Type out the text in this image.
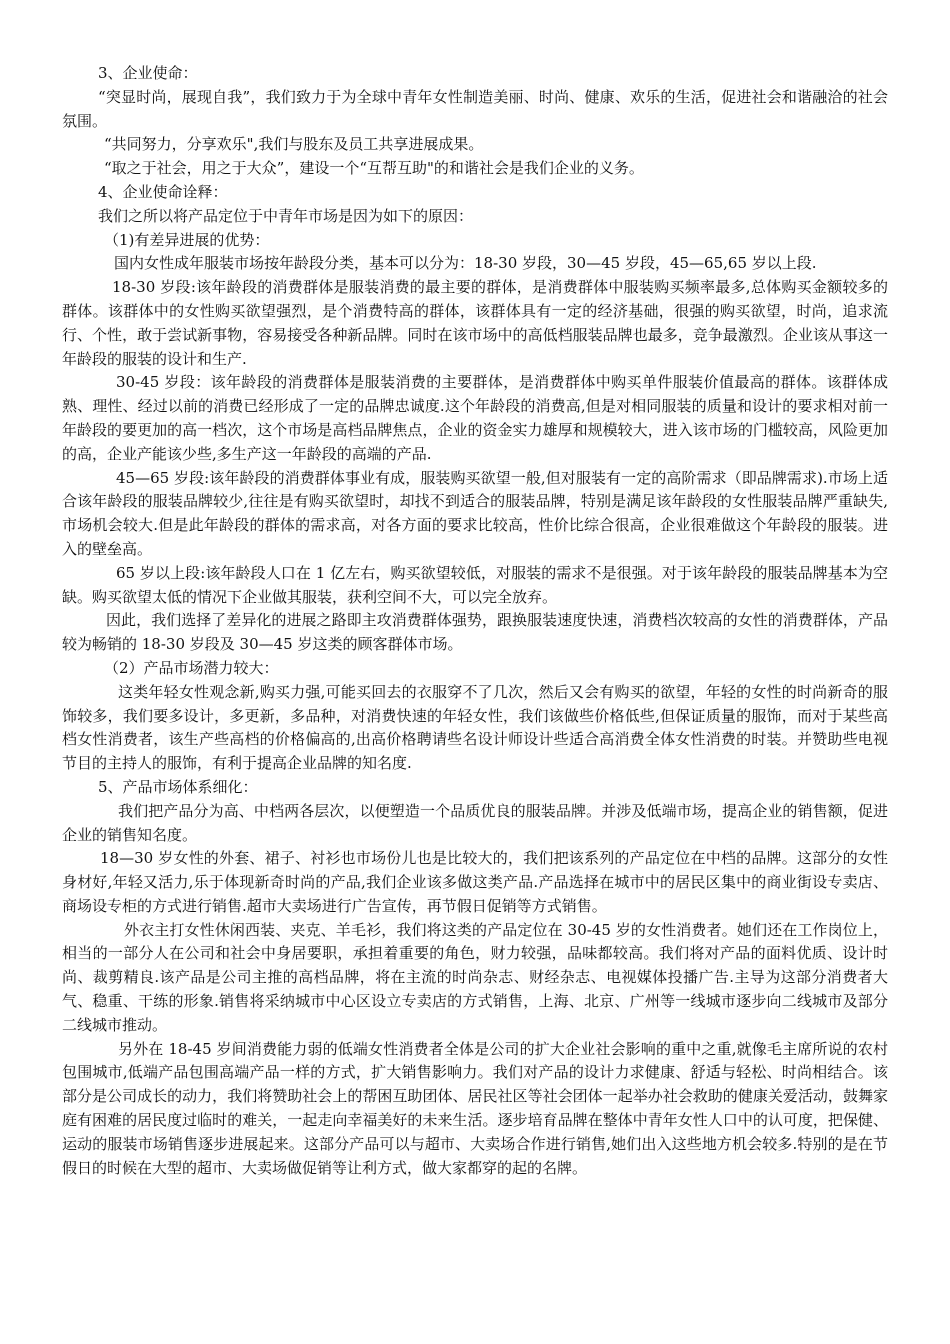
3、企业使命：

“突显时尚，展现自我”，我们致力于为全球中青年女性制造美丽、时尚、健康、欢乐的生活，促进社会和谐融洽的社会氛围。

“共同努力，分享欢乐",我们与股东及员工共享进展成果。

“取之于社会，用之于大众”，建设一个“互帮互助"的和谐社会是我们企业的义务。

4、企业使命诠释：

我们之所以将产品定位于中青年市场是因为如下的原因：

（1)有差异进展的优势：

国内女性成年服装市场按年龄段分类，基本可以分为：18-30 岁段，30—45 岁段，45—65,65 岁以上段.

18-30 岁段:该年龄段的消费群体是服装消费的最主要的群体，是消费群体中服装购买频率最多,总体购买金额较多的群体。该群体中的女性购买欲望强烈，是个消费特高的群体，该群体具有一定的经济基础，很强的购买欲望，时尚，追求流行、个性，敢于尝试新事物，容易接受各种新品牌。同时在该市场中的高低档服装品牌也最多，竞争最激烈。企业该从事这一年龄段的服装的设计和生产.

30-45 岁段：该年龄段的消费群体是服装消费的主要群体，是消费群体中购买单件服装价值最高的群体。该群体成熟、理性、经过以前的消费已经形成了一定的品牌忠诚度.这个年龄段的消费高,但是对相同服装的质量和设计的要求相对前一年龄段的要更加的高一档次，这个市场是高档品牌焦点，企业的资金实力雄厚和规模较大，进入该市场的门槛较高，风险更加的高，企业产能该少些,多生产这一年龄段的高端的产品.

45—65 岁段:该年龄段的消费群体事业有成，服装购买欲望一般,但对服装有一定的高阶需求（即品牌需求).市场上适合该年龄段的服装品牌较少,往往是有购买欲望时，却找不到适合的服装品牌，特别是满足该年龄段的女性服装品牌严重缺失,市场机会较大.但是此年龄段的群体的需求高，对各方面的要求比较高，性价比综合很高，企业很难做这个年龄段的服装。进入的壁垒高。

65 岁以上段:该年龄段人口在 1 亿左右，购买欲望较低，对服装的需求不是很强。对于该年龄段的服装品牌基本为空缺。购买欲望太低的情况下企业做其服装，获利空间不大，可以完全放弃。

因此，我们选择了差异化的进展之路即主攻消费群体强势，跟换服装速度快速，消费档次较高的女性的消费群体，产品较为畅销的 18-30 岁段及 30—45 岁这类的顾客群体市场。

（2）产品市场潜力较大：

这类年轻女性观念新,购买力强,可能买回去的衣服穿不了几次，然后又会有购买的欲望，年轻的女性的时尚新奇的服饰较多，我们要多设计，多更新，多品种，对消费快速的年轻女性，我们该做些价格低些,但保证质量的服饰，而对于某些高档女性消费者，该生产些高档的价格偏高的,出高价格聘请些名设计师设计些适合高消费全体女性消费的时装。并赞助些电视节目的主持人的服饰，有利于提高企业品牌的知名度.

5、产品市场体系细化：

我们把产品分为高、中档两各层次，以便塑造一个品质优良的服装品牌。并涉及低端市场，提高企业的销售额，促进企业的销售知名度。

18—30 岁女性的外套、裙子、衬衫也市场份儿也是比较大的，我们把该系列的产品定位在中档的品牌。这部分的女性身材好,年轻又活力,乐于体现新奇时尚的产品,我们企业该多做这类产品.产品选择在城市中的居民区集中的商业街设专卖店、商场设专柜的方式进行销售.超市大卖场进行广告宣传，再节假日促销等方式销售。

外衣主打女性休闲西装、夹克、羊毛衫，我们将这类的产品定位在 30-45 岁的女性消费者。她们还在工作岗位上，相当的一部分人在公司和社会中身居要职，承担着重要的角色，财力较强，品味都较高。我们将对产品的面料优质、设计时尚、裁剪精良.该产品是公司主推的高档品牌，将在主流的时尚杂志、财经杂志、电视媒体投播广告.主导为这部分消费者大气、稳重、干练的形象.销售将采纳城市中心区设立专卖店的方式销售，上海、北京、广州等一线城市逐步向二线城市及部分二线城市推动。

另外在 18-45 岁间消费能力弱的低端女性消费者全体是公司的扩大企业社会影响的重中之重,就像毛主席所说的农村包围城市,低端产品包围高端产品一样的方式，扩大销售影响力。我们对产品的设计力求健康、舒适与轻松、时尚相结合。该部分是公司成长的动力，我们将赞助社会上的帮困互助团体、居民社区等社会团体一起举办社会救助的健康关爱活动，鼓舞家庭有困难的居民度过临时的难关，一起走向幸福美好的未来生活。逐步培育品牌在整体中青年女性人口中的认可度，把保健、运动的服装市场销售逐步进展起来。这部分产品可以与超市、大卖场合作进行销售,她们出入这些地方机会较多.特别的是在节假日的时候在大型的超市、大卖场做促销等让利方式，做大家都穿的起的名牌。
